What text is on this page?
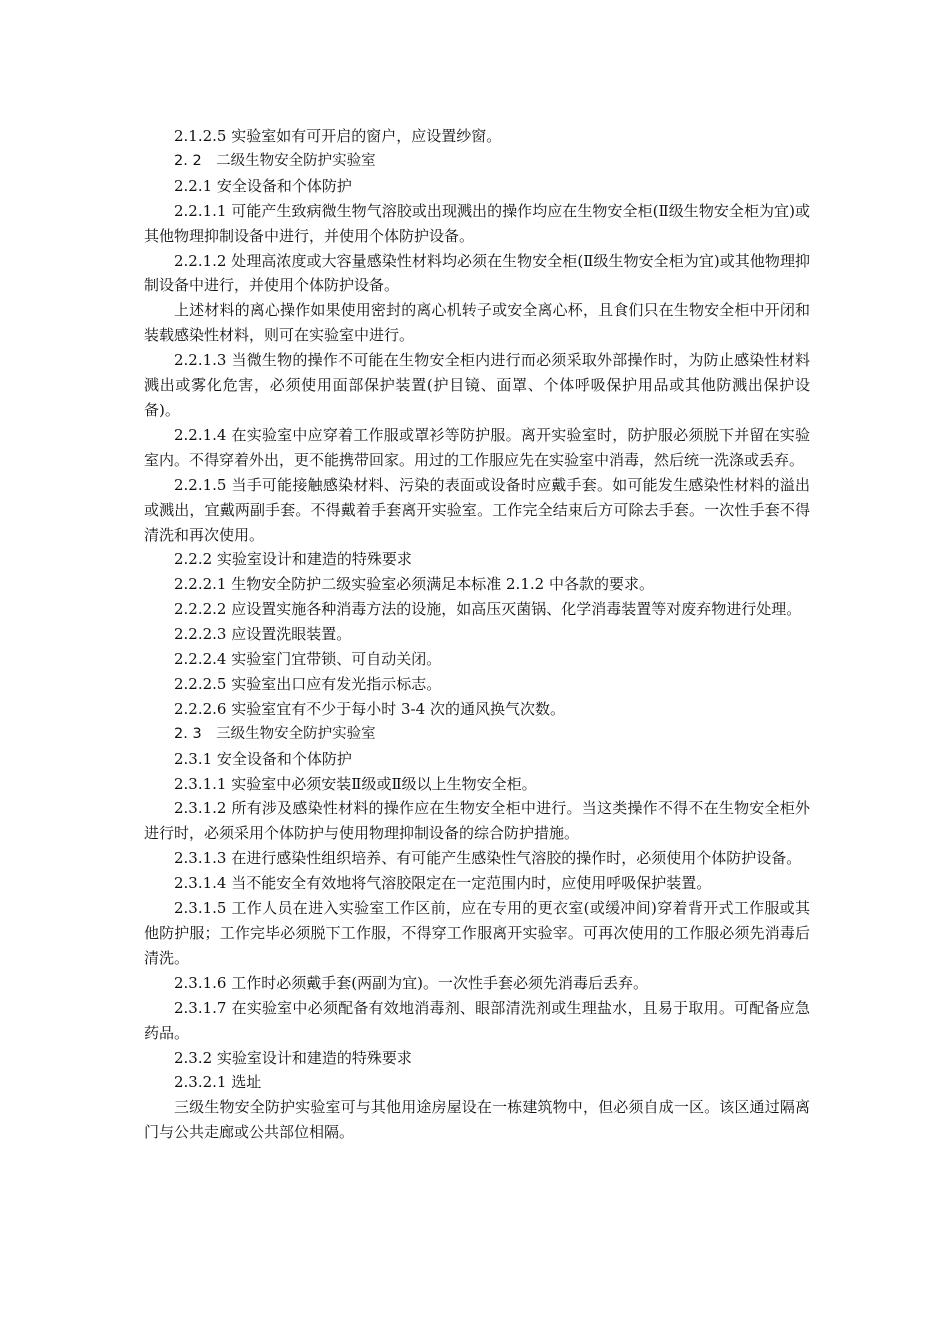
2.1.2.5 实验室如有可开启的窗户，应设置纱窗。

2. 2　二级生物安全防护实验室

2.2.1 安全设备和个体防护

2.2.1.1 可能产生致病微生物气溶胶或出现溅出的操作均应在生物安全柜(Ⅱ级生物安全柜为宜)或其他物理抑制设备中进行，并使用个体防护设备。

2.2.1.2 处理高浓度或大容量感染性材料均必须在生物安全柜(Ⅱ级生物安全柜为宜)或其他物理抑制设备中进行，并使用个体防护设备。

上述材料的离心操作如果使用密封的离心机转子或安全离心杯，且食们只在生物安全柜中开闭和装载感染性材料，则可在实验室中进行。

2.2.1.3 当微生物的操作不可能在生物安全柜内进行而必须采取外部操作时，为防止感染性材料溅出或雾化危害，必须使用面部保护装置(护目镜、面罩、个体呼吸保护用品或其他防溅出保护设备)。

2.2.1.4 在实验室中应穿着工作服或罩衫等防护服。离开实验室时，防护服必须脱下并留在实验室内。不得穿着外出，更不能携带回家。用过的工作服应先在实验室中消毒，然后统一洗涤或丢弃。

2.2.1.5 当手可能接触感染材料、污染的表面或设备时应戴手套。如可能发生感染性材料的溢出或溅出，宜戴两副手套。不得戴着手套离开实验室。工作完全结束后方可除去手套。一次性手套不得清洗和再次使用。

2.2.2 实验室设计和建造的特殊要求

2.2.2.1 生物安全防护二级实验室必须满足本标准 2.1.2 中各款的要求。

2.2.2.2 应设置实施各种消毒方法的设施，如高压灭菌锅、化学消毒装置等对废弃物进行处理。

2.2.2.3 应设置洗眼装置。

2.2.2.4 实验室门宜带锁、可自动关闭。

2.2.2.5 实验室出口应有发光指示标志。

2.2.2.6 实验室宜有不少于每小时 3-4 次的通风换气次数。

2. 3　三级生物安全防护实验室

2.3.1 安全设备和个体防护

2.3.1.1 实验室中必须安装Ⅱ级或Ⅱ级以上生物安全柜。

2.3.1.2 所有涉及感染性材料的操作应在生物安全柜中进行。当这类操作不得不在生物安全柜外进行时，必须采用个体防护与使用物理抑制设备的综合防护措施。

2.3.1.3 在进行感染性组织培养、有可能产生感染性气溶胶的操作时，必须使用个体防护设备。

2.3.1.4 当不能安全有效地将气溶胶限定在一定范围内时，应使用呼吸保护装置。

2.3.1.5 工作人员在进入实验室工作区前，应在专用的更衣室(或缓冲间)穿着背开式工作服或其他防护服；工作完毕必须脱下工作服，不得穿工作服离开实验宰。可再次使用的工作服必须先消毒后清洗。

2.3.1.6 工作时必须戴手套(两副为宜)。一次性手套必须先消毒后丢弃。

2.3.1.7 在实验室中必须配备有效地消毒剂、眼部清洗剂或生理盐水，且易于取用。可配备应急药品。

2.3.2 实验室设计和建造的特殊要求

2.3.2.1 选址

三级生物安全防护实验室可与其他用途房屋设在一栋建筑物中，但必须自成一区。该区通过隔离门与公共走廊或公共部位相隔。
